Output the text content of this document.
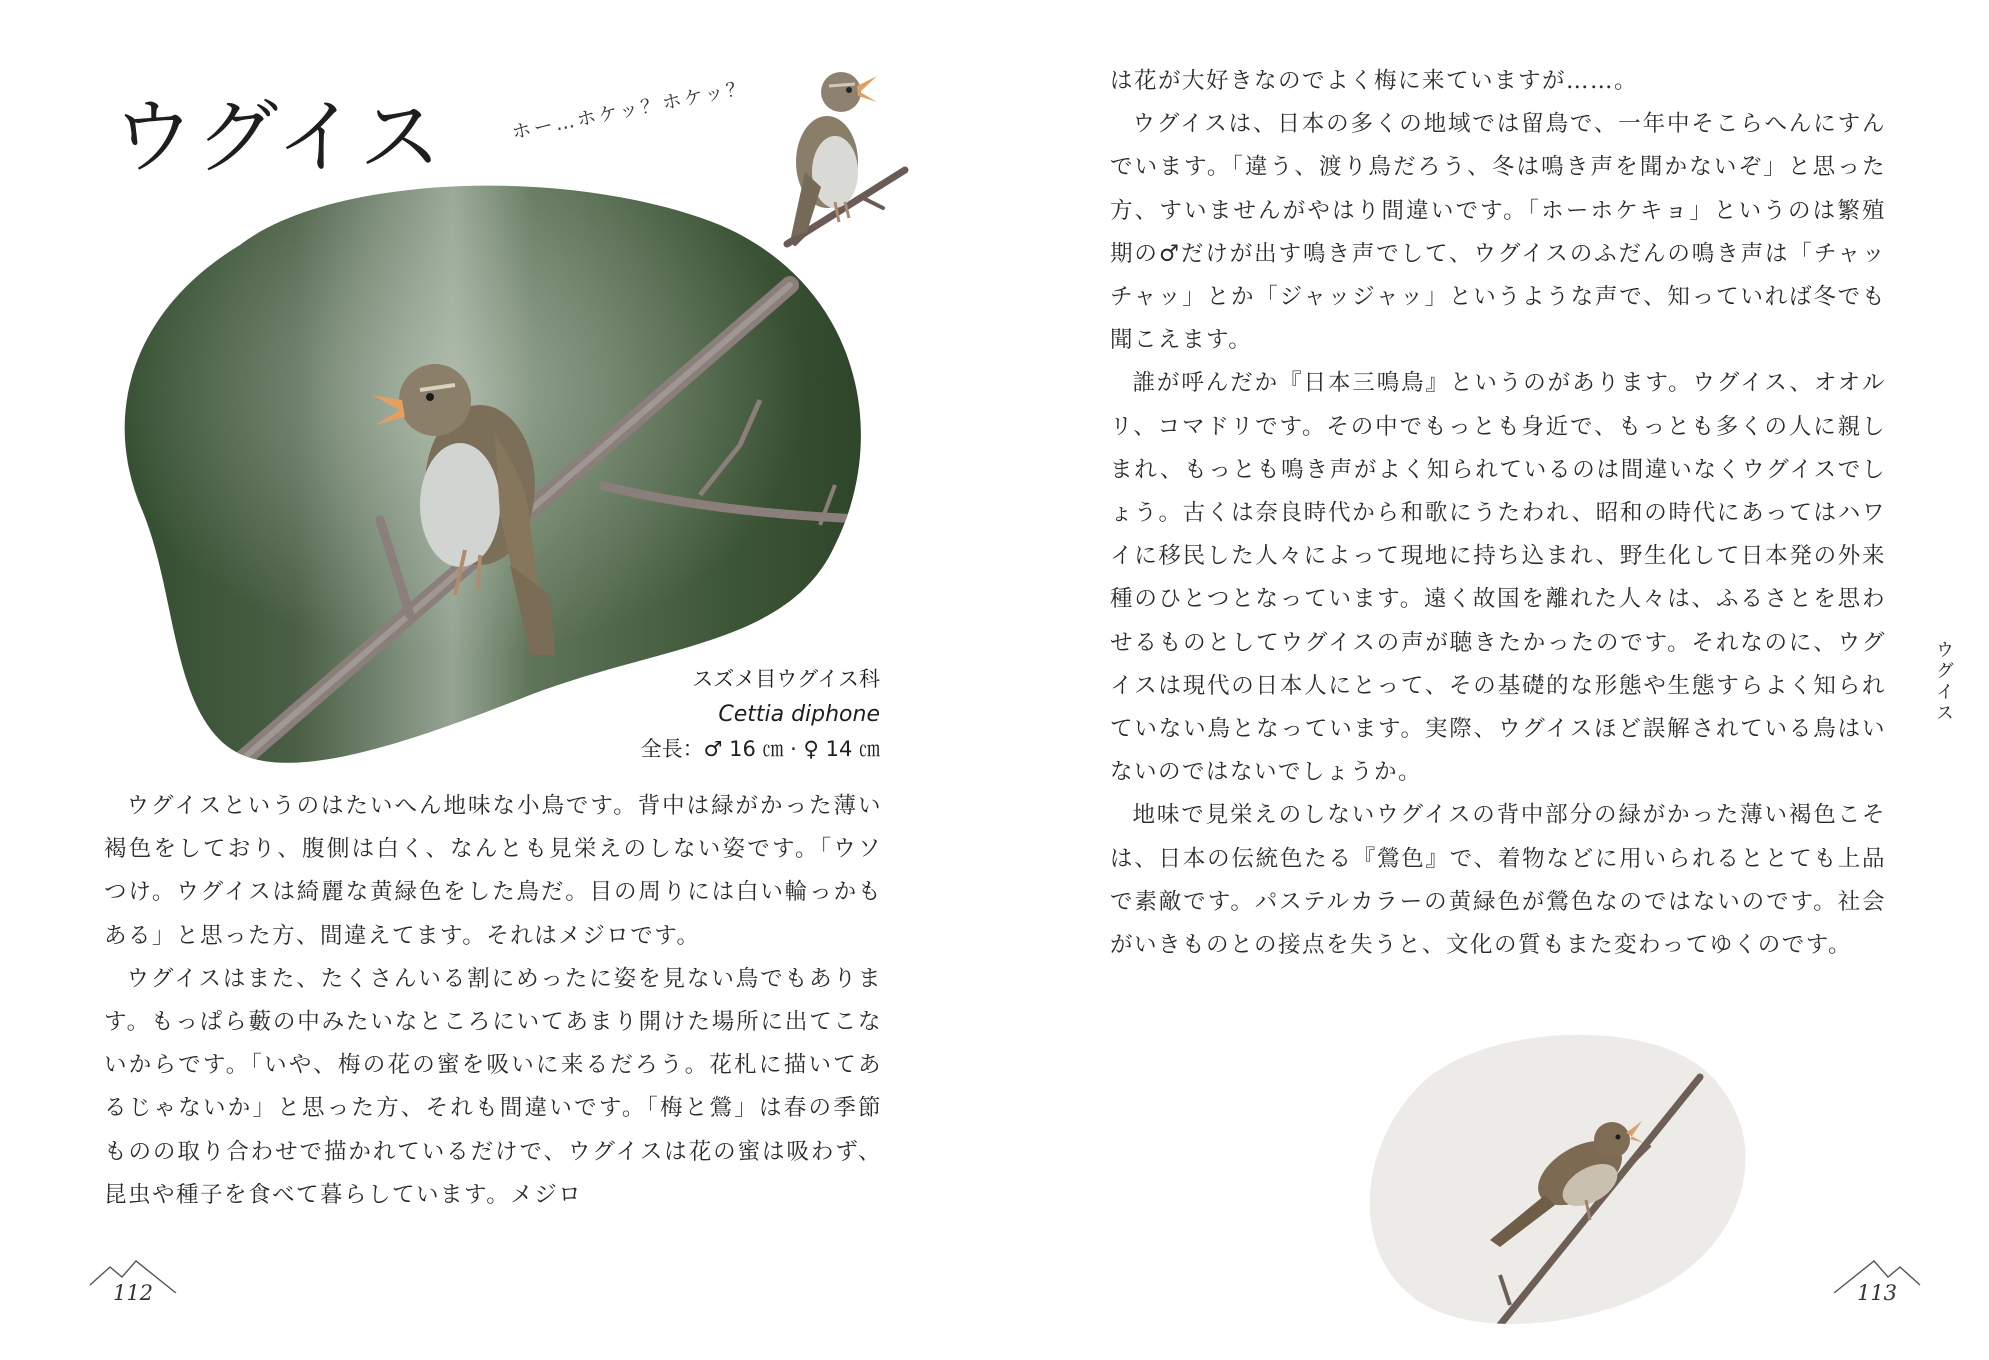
ウグイス	ホー…ホケッ？ホケッ？
スズメ目ウグイス科
Cettia diphone
全長：♂ 16 ㎝ · ♀ 14 ㎝

ウグイスというのはたいへん地味な小鳥です。背中は緑がかった薄い褐色をしており、腹側は白く、なんとも見栄えのしない姿です。「ウソつけ。ウグイスは綺麗な黄緑色をした鳥だ。目の周りには白い輪っかもある」と思った方、間違えてます。それはメジロです。

ウグイスはまた、たくさんいる割にめったに姿を見ない鳥でもあります。もっぱら藪の中みたいなところにいてあまり開けた場所に出てこないからです。「いや、梅の花の蜜を吸いに来るだろう。花札に描いてあるじゃないか」と思った方、それも間違いです。「梅と鶯」は春の季節ものの取り合わせで描かれているだけで、ウグイスは花の蜜は吸わず、昆虫や種子を食べて暮らしています。メジロ

112

は花が大好きなのでよく梅に来ていますが……。

ウグイスは、日本の多くの地域では留鳥で、一年中そこらへんにすんでいます。「違う、渡り鳥だろう、冬は鳴き声を聞かないぞ」と思った方、すいませんがやはり間違いです。「ホーホケキョ」というのは繁殖期の♂だけが出す鳴き声でして、ウグイスのふだんの鳴き声は「チャッチャッ」とか「ジャッジャッ」というような声で、知っていれば冬でも聞こえます。

誰が呼んだか『日本三鳴鳥』というのがあります。ウグイス、オオルリ、コマドリです。その中でもっとも身近で、もっとも多くの人に親しまれ、もっとも鳴き声がよく知られているのは間違いなくウグイスでしょう。古くは奈良時代から和歌にうたわれ、昭和の時代にあってはハワイに移民した人々によって現地に持ち込まれ、野生化して日本発の外来種のひとつとなっています。遠く故国を離れた人々は、ふるさとを思わせるものとしてウグイスの声が聴きたかったのです。それなのに、ウグイスは現代の日本人にとって、その基礎的な形態や生態すらよく知られていない鳥となっています。実際、ウグイスほど誤解されている鳥はいないのではないでしょうか。

地味で見栄えのしないウグイスの背中部分の緑がかった薄い褐色こそは、日本の伝統色たる『鶯色』で、着物などに用いられるととても上品で素敵です。パステルカラーの黄緑色が鶯色なのではないのです。社会がいきものとの接点を失うと、文化の質もまた変わってゆくのです。

ウグイス
113
